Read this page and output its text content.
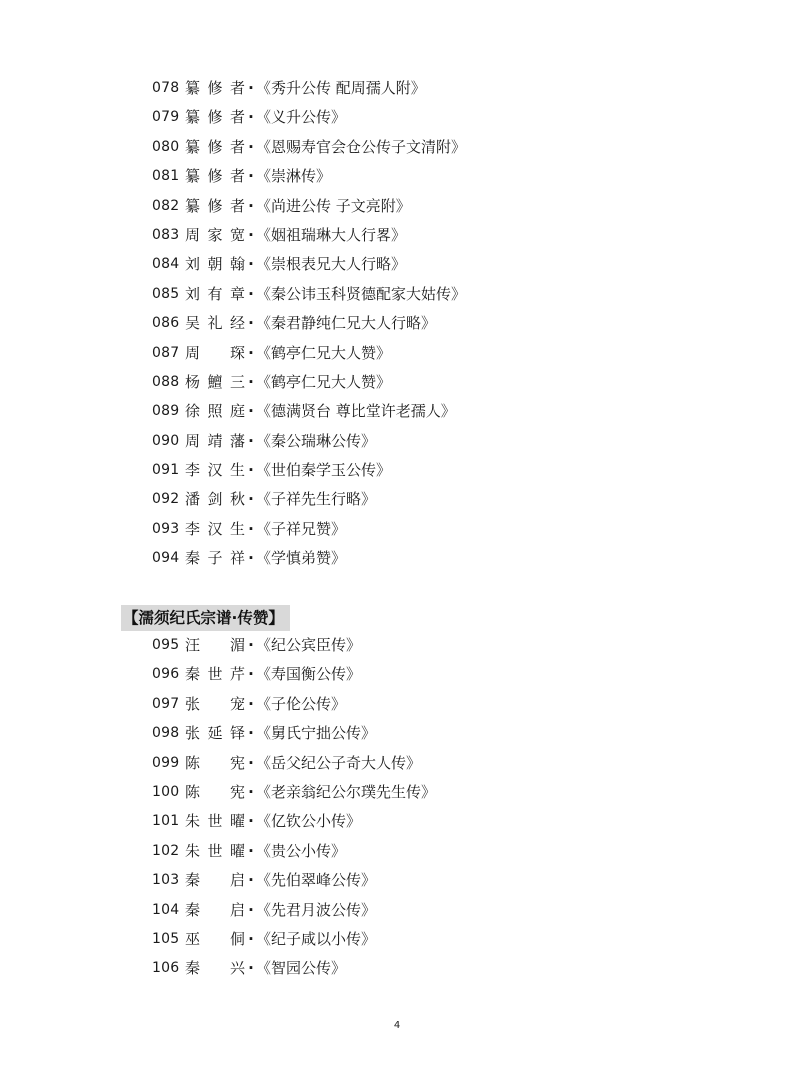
078 纂修者 · 《秀升公传 配周孺人附》
079 纂修者 · 《义升公传》
080 纂修者 · 《恩赐寿官会仓公传子文清附》
081 纂修者 · 《崇淋传》
082 纂修者 · 《尚进公传 子文亮附》
083 周家宽 · 《姻祖瑞琳大人行畧》
084 刘朝翰 · 《崇根表兄大人行略》
085 刘有章 · 《秦公讳玉科贤德配家大姑传》
086 吴礼经 · 《秦君静纯仁兄大人行略》
087 周琛 · 《鹤亭仁兄大人赞》
088 杨鱣三 · 《鹤亭仁兄大人赞》
089 徐照庭 · 《德满贤台 尊比堂许老孺人》
090 周靖藩 · 《秦公瑞琳公传》
091 李汉生 · 《世伯秦学玉公传》
092 潘剑秋 · 《子祥先生行略》
093 李汉生 · 《子祥兄赞》
094 秦子祥 · 《学慎弟赞》
【濡须纪氏宗谱·传赞】
095 汪湄 · 《纪公宾臣传》
096 秦世芹 · 《寿国衡公传》
097 张宠 · 《子伦公传》
098 张延铎 · 《舅氏宁拙公传》
099 陈宪 · 《岳父纪公子奇大人传》
100 陈宪 · 《老亲翁纪公尔璞先生传》
101 朱世曜 · 《亿钦公小传》
102 朱世曜 · 《贵公小传》
103 秦启 · 《先伯翠峰公传》
104 秦启 · 《先君月波公传》
105 巫侗 · 《纪子咸以小传》
106 秦兴 · 《智园公传》
4
